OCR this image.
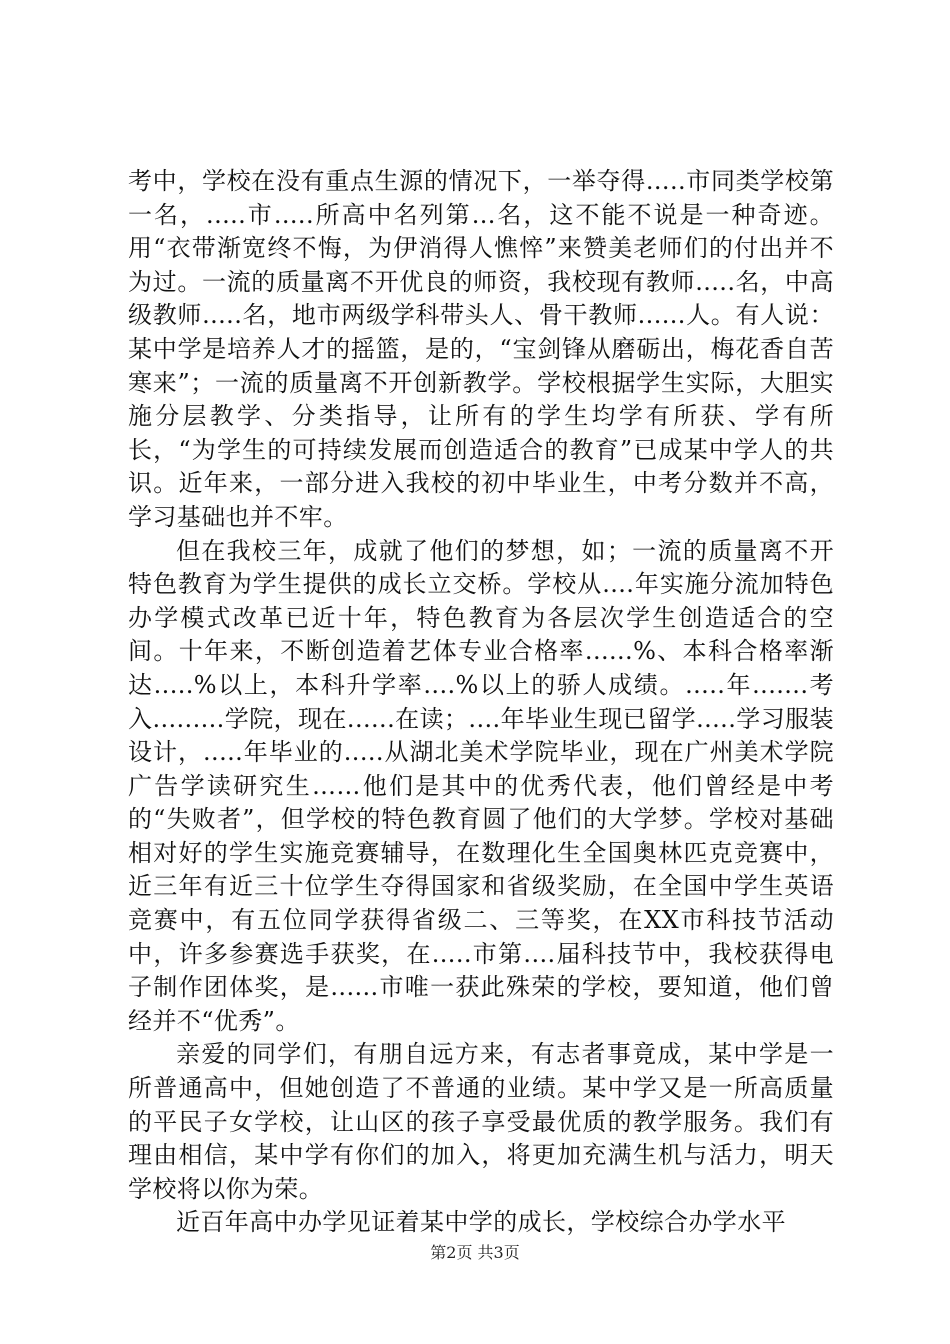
考中，学校在没有重点生源的情况下，一举夺得.....市同类学校第一名，.....市.....所高中名列第...名，这不能不说是一种奇迹。用“衣带渐宽终不悔，为伊消得人憔悴”来赞美老师们的付出并不为过。一流的质量离不开优良的师资，我校现有教师.....名，中高级教师.....名，地市两级学科带头人、骨干教师......人。有人说：某中学是培养人才的摇篮，是的，“宝剑锋从磨砺出，梅花香自苦寒来”；一流的质量离不开创新教学。学校根据学生实际，大胆实施分层教学、分类指导，让所有的学生均学有所获、学有所长，“为学生的可持续发展而创造适合的教育”已成某中学人的共识。近年来，一部分进入我校的初中毕业生，中考分数并不高，学习基础也并不牢。

但在我校三年，成就了他们的梦想，如；一流的质量离不开特色教育为学生提供的成长立交桥。学校从....年实施分流加特色办学模式改革已近十年，特色教育为各层次学生创造适合的空间。十年来，不断创造着艺体专业合格率......%、本科合格率渐达.....%以上，本科升学率....%以上的骄人成绩。.....年.......考入.........学院，现在......在读；....年毕业生现已留学.....学习服装设计，.....年毕业的.....从湖北美术学院毕业，现在广州美术学院广告学读研究生……他们是其中的优秀代表，他们曾经是中考的“失败者”，但学校的特色教育圆了他们的大学梦。学校对基础相对好的学生实施竞赛辅导，在数理化生全国奥林匹克竞赛中，近三年有近三十位学生夺得国家和省级奖励，在全国中学生英语竞赛中，有五位同学获得省级二、三等奖，在XX市科技节活动中，许多参赛选手获奖，在.....市第....届科技节中，我校获得电子制作团体奖，是......市唯一获此殊荣的学校，要知道，他们曾经并不“优秀”。

亲爱的同学们，有朋自远方来，有志者事竟成，某中学是一所普通高中，但她创造了不普通的业绩。某中学又是一所高质量的平民子女学校，让山区的孩子享受最优质的教学服务。我们有理由相信，某中学有你们的加入，将更加充满生机与活力，明天学校将以你为荣。

近百年高中办学见证着某中学的成长，学校综合办学水平

第2页 共3页
